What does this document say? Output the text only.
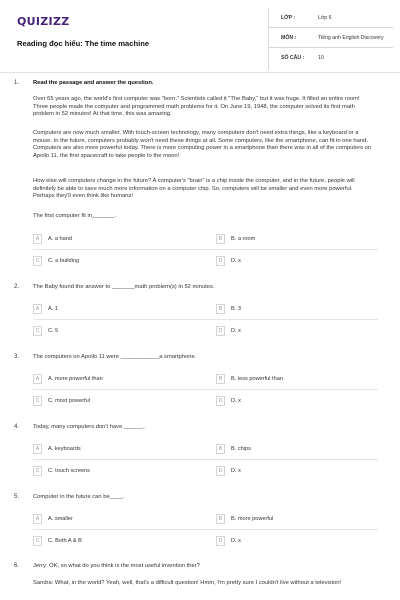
QUIZIZZ
Reading đọc hiểu: The time machine
LỚP :	Lớp 6
MÔN :	Tiếng anh English Discovery
SỐ CÂU :	10
1. Read the passage and answer the question.
Over 65 years ago, the world's first computer was "born." Scientists called it "The Baby," but it was huge. It filled an entire room! Three people made the computer and programmed math problems for it. On June 19, 1948, the computer solved its first math problem in 52 minutes! At that time, this was amazing.
Computers are now much smaller. With touch-screen technology, many computers don't need extra things, like a keyboard or a mouse. In the future, computers probably won't need these things at all. Some computers, like the smartphone, can fit in one hand. Computers are also more powerful today. There is more computing power in a smartphone than there was in all of the computers on Apollo 11, the first spacecraft to take people to the moon!
How else will computers change in the future? A computer's "brain" is a chip inside the computer, and in the future, people will definitely be able to save much more information on a computer chip. So, computers will be smaller and even more powerful. Perhaps they'll even think like humans!
The first computer fit in_______.
A	A. a hand	B	B. a room
C	C. a building	D	D. x
2. The Baby found the answer to _______math problem(s) in 52 minutes.
A	A. 1	B	B. 3
C	C. 5	D	D. x
3. The computers on Apollo 11 were ____________a smartphone.
A	A. more powerful than	B	B. less powerful than
C	C. most powerful	D	D. x
4. Today, many computers don't have ______.
A	A. keyboards	B	B. chips
C	C. touch screens	D	D. x
5. Computer in the future can be____.
A	A. smaller	B	B. more powerful
C	C. Both A & B	D	D. x
6. Jerry: OK, so what do you think is the most useful invention ther?
Sandra: What, in the world? Yeah, well, that's a difficult question! Hmm, I'm pretty sure I couldn't live without a television!
